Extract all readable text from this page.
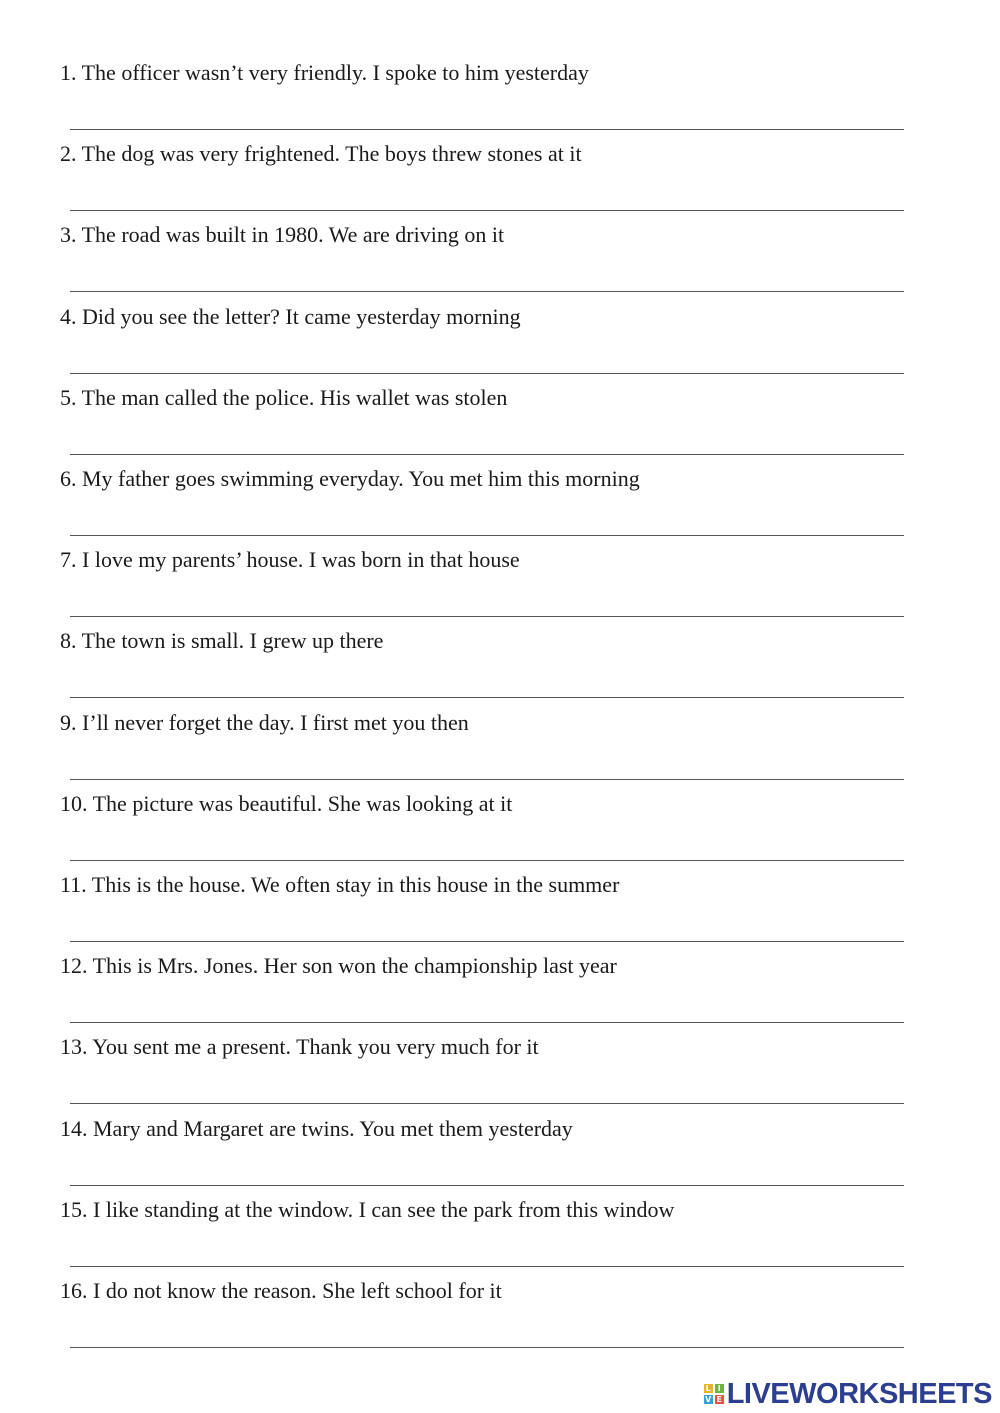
1. The officer wasn’t very friendly. I spoke to him yesterday
2. The dog was very frightened. The boys threw stones at it
3. The road was built in 1980. We are driving on it
4. Did you see the letter? It came yesterday morning
5. The man called the police. His wallet was stolen
6. My father goes swimming everyday. You met him this morning
7. I love my parents’ house. I was born in that house
8. The town is small. I grew up there
9. I’ll never forget the day. I first met you then
10. The picture was beautiful. She was looking at it
11. This is the house. We often stay in this house in the summer
12. This is Mrs. Jones. Her son won the championship last year
13. You sent me a present. Thank you very much for it
14. Mary and Margaret are twins. You met them yesterday
15. I like standing at the window. I can see the park from this window
16. I do not know the reason. She left school for it
L I
V E LIVEWORKSHEETS
